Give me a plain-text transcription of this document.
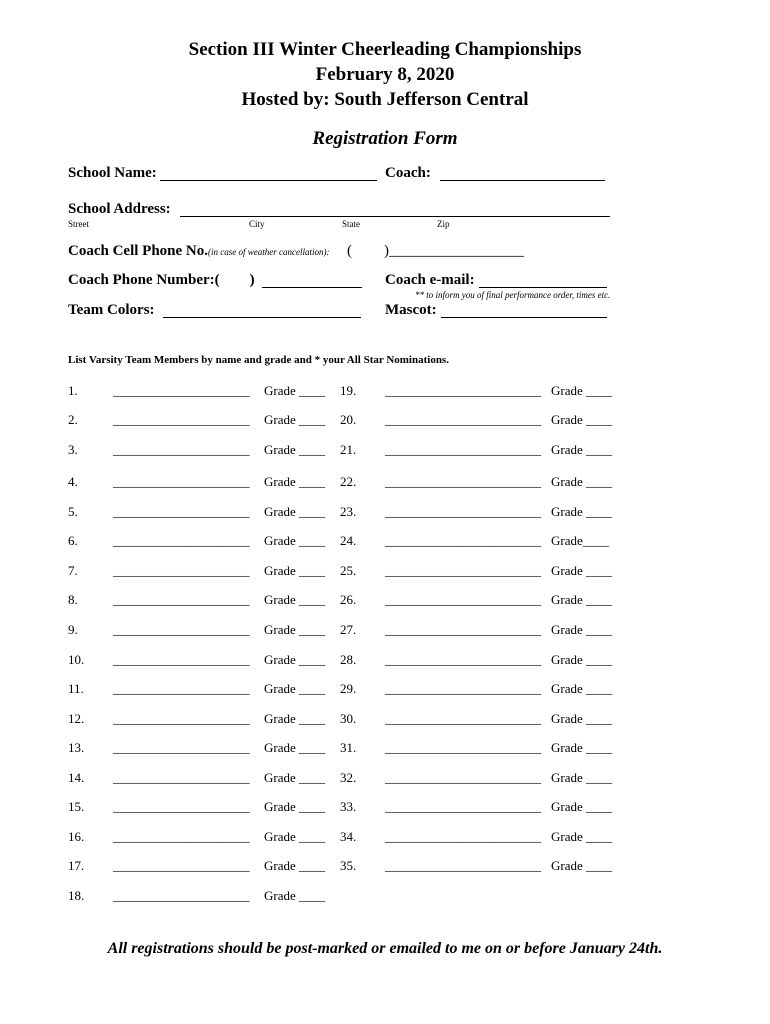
Section III Winter Cheerleading Championships
February 8, 2020
Hosted by: South Jefferson Central
Registration Form
School Name:	Coach:
School Address:
Street	City	State	Zip
Coach Cell Phone No.(in case of weather cancellation): ( )__________________
Coach Phone Number:(        )	Coach e-mail:
** to inform you of final performance order, times etc.
Team Colors:	Mascot:
List Varsity Team Members by name and grade and * your All Star Nominations.
1.	_____________________ Grade ____
2.	_____________________ Grade ____
3.	_____________________ Grade ____
4.	_____________________ Grade ____
5.	_____________________ Grade ____
6.	_____________________ Grade ____
7.	_____________________ Grade ____
8.	_____________________ Grade ____
9.	_____________________ Grade ____
10. _____________________ Grade ____
11. _____________________ Grade ____
12. _____________________ Grade ____
13. _____________________ Grade ____
14. _____________________ Grade ____
15. _____________________ Grade ____
16. _____________________ Grade ____
17. _____________________ Grade ____
18. _____________________ Grade ____
19. ________________________ Grade ____
20. ________________________ Grade ____
21. ________________________ Grade ____
22. ________________________ Grade ____
23. ________________________ Grade ____
24. ________________________ Grade____
25. ________________________ Grade ____
26. ________________________ Grade ____
27. ________________________ Grade ____
28. ________________________ Grade ____
29. ________________________ Grade ____
30. ________________________ Grade ____
31. ________________________ Grade ____
32. ________________________ Grade ____
33. ________________________ Grade ____
34. ________________________ Grade ____
35. ________________________ Grade ____
All registrations should be post-marked or emailed to me on or before January 24th.
